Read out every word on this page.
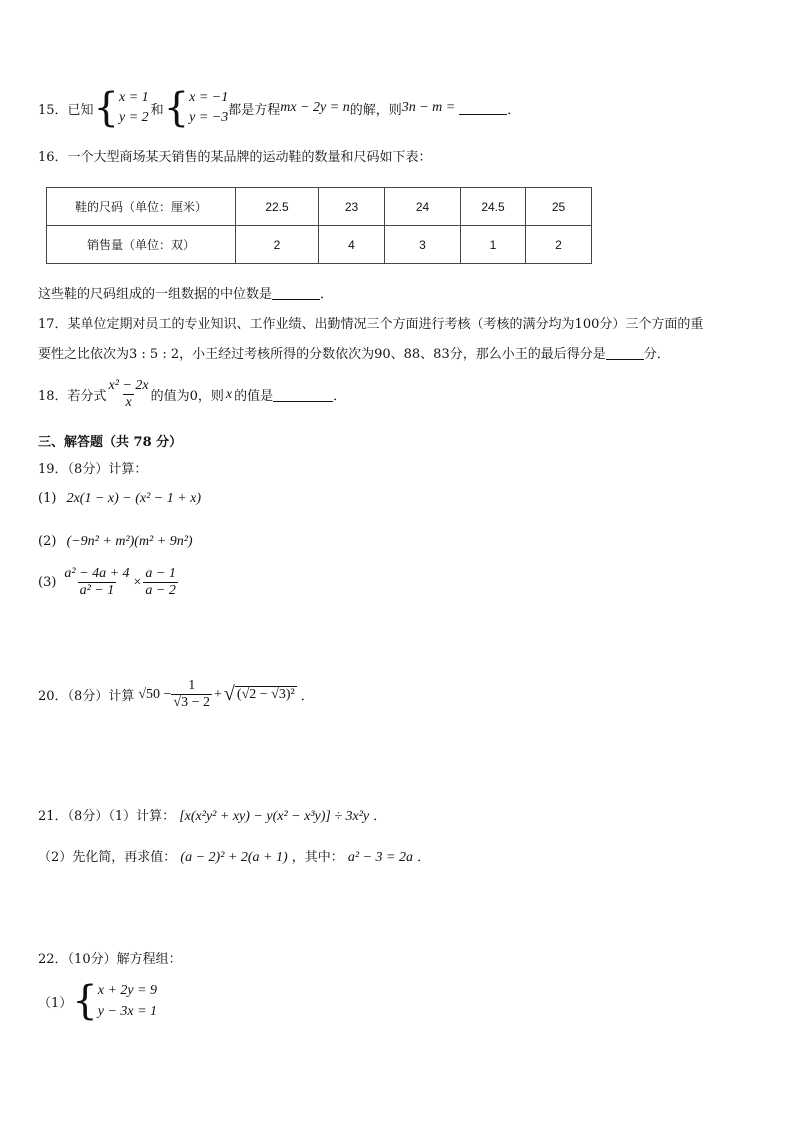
15．已知 { x = 1
y = 2 和 { x = −1
y = −3 都是方程 mx − 2y = n 的解，则 3n − m =	．
16．一个大型商场某天销售的某品牌的运动鞋的数量和尺码如下表：
鞋的尺码（单位：厘米）	22.5	23	24	24.5	25
销售量（单位：双）	2	4	3	1	2
这些鞋的尺码组成的一组数据的中位数是	．
17．某单位定期对员工的专业知识、工作业绩、出勤情况三个方面进行考核（考核的满分均为100分）三个方面的重
要性之比依次为3 : 5 : 2，小王经过考核所得的分数依次为90、88、83分，那么小王的最后得分是	分．
18．若分式 $\frac{\text{x² − 2x}}{x}$ 的值为0，则 x 的值是	．
三、解答题（共 78 分）
19．（8分）计算：
(1) 2x(1 − x) − (x² − 1 + x)
(2) (−9n² + m²)(m² + 9n²)
$(3) \frac{\text{a² − 4a + 4}}{\text{a² − 1}} \times \frac{a - 1}{a - 2}$
20．（8分）计算 $√50 - \frac{1}{√3 - 2}$ + √ (√2 − √3)² ．
21．（8分）（1）计算： [x(x²y² + xy) − y(x² − x³y)] ÷ 3x²y ．
（2）先化简，再求值： (a − 2)² + 2(a + 1) ，其中： a² − 3 = 2a ．
22．（10分）解方程组：
（1） { x + 2y = 9
y − 3x = 1
